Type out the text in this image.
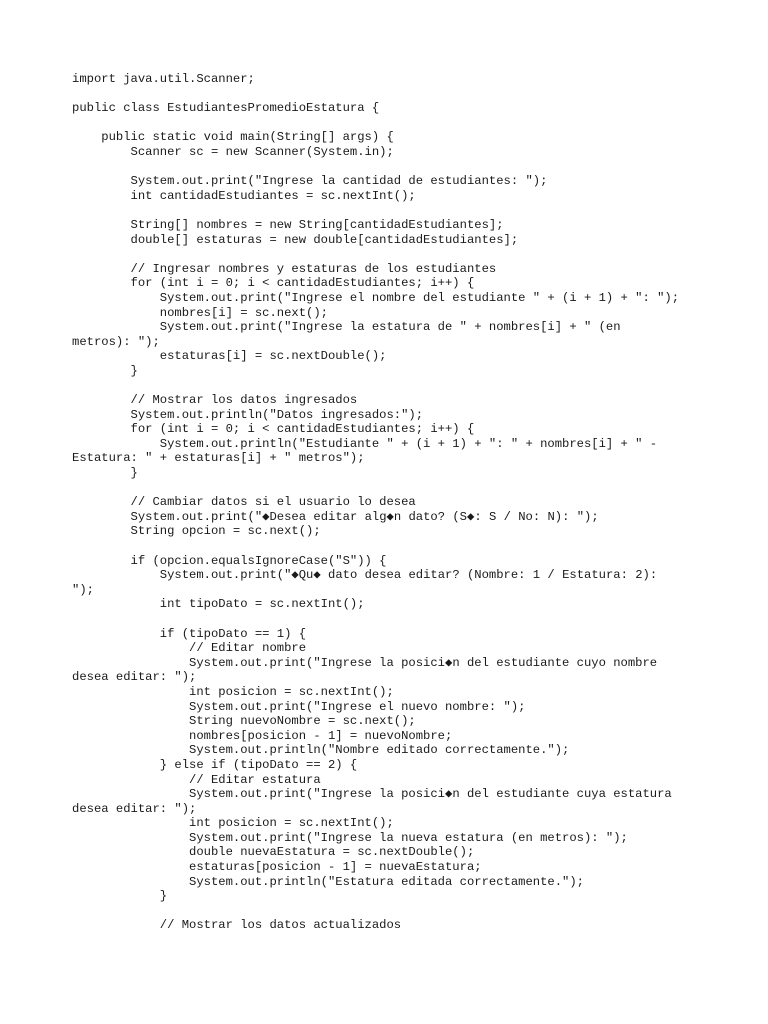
import java.util.Scanner;
public class EstudiantesPromedioEstatura {
public static void main(String[] args) {
Scanner sc = new Scanner(System.in);
System.out.print("Ingrese la cantidad de estudiantes: ");
int cantidadEstudiantes = sc.nextInt();
String[] nombres = new String[cantidadEstudiantes];
double[] estaturas = new double[cantidadEstudiantes];
// Ingresar nombres y estaturas de los estudiantes
for (int i = 0; i < cantidadEstudiantes; i++) {
System.out.print("Ingrese el nombre del estudiante " + (i + 1) + ": ");
nombres[i] = sc.next();
System.out.print("Ingrese la estatura de " + nombres[i] + " (en
metros): ");
estaturas[i] = sc.nextDouble();
}
// Mostrar los datos ingresados
System.out.println("Datos ingresados:");
for (int i = 0; i < cantidadEstudiantes; i++) {
System.out.println("Estudiante " + (i + 1) + ": " + nombres[i] + " -
Estatura: " + estaturas[i] + " metros");
}
// Cambiar datos si el usuario lo desea
System.out.print("◆Desea editar alg◆n dato? (S◆: S / No: N): ");
String opcion = sc.next();
if (opcion.equalsIgnoreCase("S")) {
System.out.print("◆Qu◆ dato desea editar? (Nombre: 1 / Estatura: 2):
");
int tipoDato = sc.nextInt();
if (tipoDato == 1) {
// Editar nombre
System.out.print("Ingrese la posici◆n del estudiante cuyo nombre
desea editar: ");
int posicion = sc.nextInt();
System.out.print("Ingrese el nuevo nombre: ");
String nuevoNombre = sc.next();
nombres[posicion - 1] = nuevoNombre;
System.out.println("Nombre editado correctamente.");
} else if (tipoDato == 2) {
// Editar estatura
System.out.print("Ingrese la posici◆n del estudiante cuya estatura
desea editar: ");
int posicion = sc.nextInt();
System.out.print("Ingrese la nueva estatura (en metros): ");
double nuevaEstatura = sc.nextDouble();
estaturas[posicion - 1] = nuevaEstatura;
System.out.println("Estatura editada correctamente.");
}
// Mostrar los datos actualizados
